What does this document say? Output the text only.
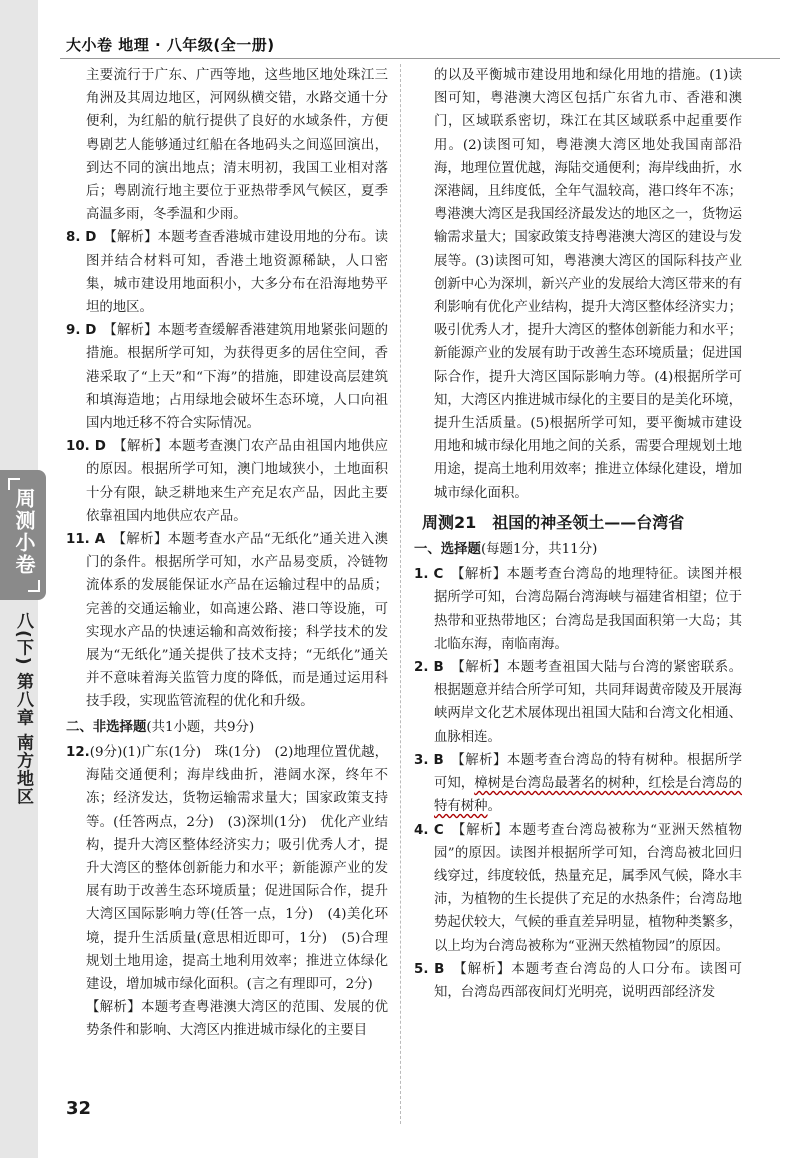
大小卷 地理 · 八年级(全一册)
周测小卷
八(下) 第八章 南方地区

主要流行于广东、广西等地，这些地区地处珠江三角洲及其周边地区，河网纵横交错，水路交通十分便利，为红船的航行提供了良好的水域条件，方便粤剧艺人能够通过红船在各地码头之间巡回演出，到达不同的演出地点；清末明初，我国工业相对落后；粤剧流行地主要位于亚热带季风气候区，夏季高温多雨，冬季温和少雨。

8. D　 【解析】本题考查香港城市建设用地的分布。读图并结合材料可知，香港土地资源稀缺，人口密集，城市建设用地面积小，大多分布在沿海地势平坦的地区。
9. D　 【解析】本题考查缓解香港建筑用地紧张问题的措施。根据所学可知，为获得更多的居住空间，香港采取了“上天”和“下海”的措施，即建设高层建筑和填海造地；占用绿地会破坏生态环境，人口向祖国内地迁移不符合实际情况。
10. D　 【解析】本题考查澳门农产品由祖国内地供应的原因。根据所学可知，澳门地域狭小，土地面积十分有限，缺乏耕地来生产充足农产品，因此主要依靠祖国内地供应农产品。
11. A　 【解析】本题考查水产品“无纸化”通关进入澳门的条件。根据所学可知，水产品易变质，冷链物流体系的发展能保证水产品在运输过程中的品质；完善的交通运输业，如高速公路、港口等设施，可实现水产品的快速运输和高效衔接；科学技术的发展为“无纸化”通关提供了技术支持；“无纸化”通关并不意味着海关监管力度的降低，而是通过运用科技手段，实现监管流程的优化和升级。
二、非选择题(共1小题，共9分)
12.(9分)(1)广东(1分)　珠(1分)　(2)地理位置优越，海陆交通便利；海岸线曲折，港阔水深，终年不冻；经济发达，货物运输需求量大；国家政策支持等。(任答两点，2分)　(3)深圳(1分)　优化产业结构，提升大湾区整体经济实力；吸引优秀人才，提升大湾区的整体创新能力和水平；新能源产业的发展有助于改善生态环境质量；促进国际合作，提升大湾区国际影响力等(任答一点，1分)　(4)美化环境，提升生活质量(意思相近即可，1分)　(5)合理规划土地用途，提高土地利用效率；推进立体绿化建设，增加城市绿化面积。(言之有理即可，2分)

【解析】本题考查粤港澳大湾区的范围、发展的优势条件和影响、大湾区内推进城市绿化的主要目

的以及平衡城市建设用地和绿化用地的措施。(1)读图可知，粤港澳大湾区包括广东省九市、香港和澳门，区域联系密切，珠江在其区域联系中起重要作用。(2)读图可知，粤港澳大湾区地处我国南部沿海，地理位置优越，海陆交通便利；海岸线曲折，水深港阔，且纬度低，全年气温较高，港口终年不冻；粤港澳大湾区是我国经济最发达的地区之一，货物运输需求量大；国家政策支持粤港澳大湾区的建设与发展等。(3)读图可知，粤港澳大湾区的国际科技产业创新中心为深圳，新兴产业的发展给大湾区带来的有利影响有优化产业结构，提升大湾区整体经济实力；吸引优秀人才，提升大湾区的整体创新能力和水平；新能源产业的发展有助于改善生态环境质量；促进国际合作，提升大湾区国际影响力等。(4)根据所学可知，大湾区内推进城市绿化的主要目的是美化环境，提升生活质量。(5)根据所学可知，要平衡城市建设用地和城市绿化用地之间的关系，需要合理规划土地用途，提高土地利用效率；推进立体绿化建设，增加城市绿化面积。

周测21　祖国的神圣领土——台湾省
一、选择题(每题1分，共11分)
1. C　 【解析】本题考查台湾岛的地理特征。读图并根据所学可知，台湾岛隔台湾海峡与福建省相望；位于热带和亚热带地区；台湾岛是我国面积第一大岛；其北临东海，南临南海。
2. B　 【解析】本题考查祖国大陆与台湾的紧密联系。根据题意并结合所学可知，共同拜谒黄帝陵及开展海峡两岸文化艺术展体现出祖国大陆和台湾文化相通、血脉相连。
3. B　 【解析】本题考查台湾岛的特有树种。根据所学可知，樟树是台湾岛最著名的树种，红桧是台湾岛的特有树种。
4. C　 【解析】本题考查台湾岛被称为“亚洲天然植物园”的原因。读图并根据所学可知，台湾岛被北回归线穿过，纬度较低，热量充足，属季风气候，降水丰沛，为植物的生长提供了充足的水热条件；台湾岛地势起伏较大，气候的垂直差异明显，植物种类繁多，以上均为台湾岛被称为“亚洲天然植物园”的原因。
5. B　 【解析】本题考查台湾岛的人口分布。读图可知，台湾岛西部夜间灯光明亮，说明西部经济发
32
